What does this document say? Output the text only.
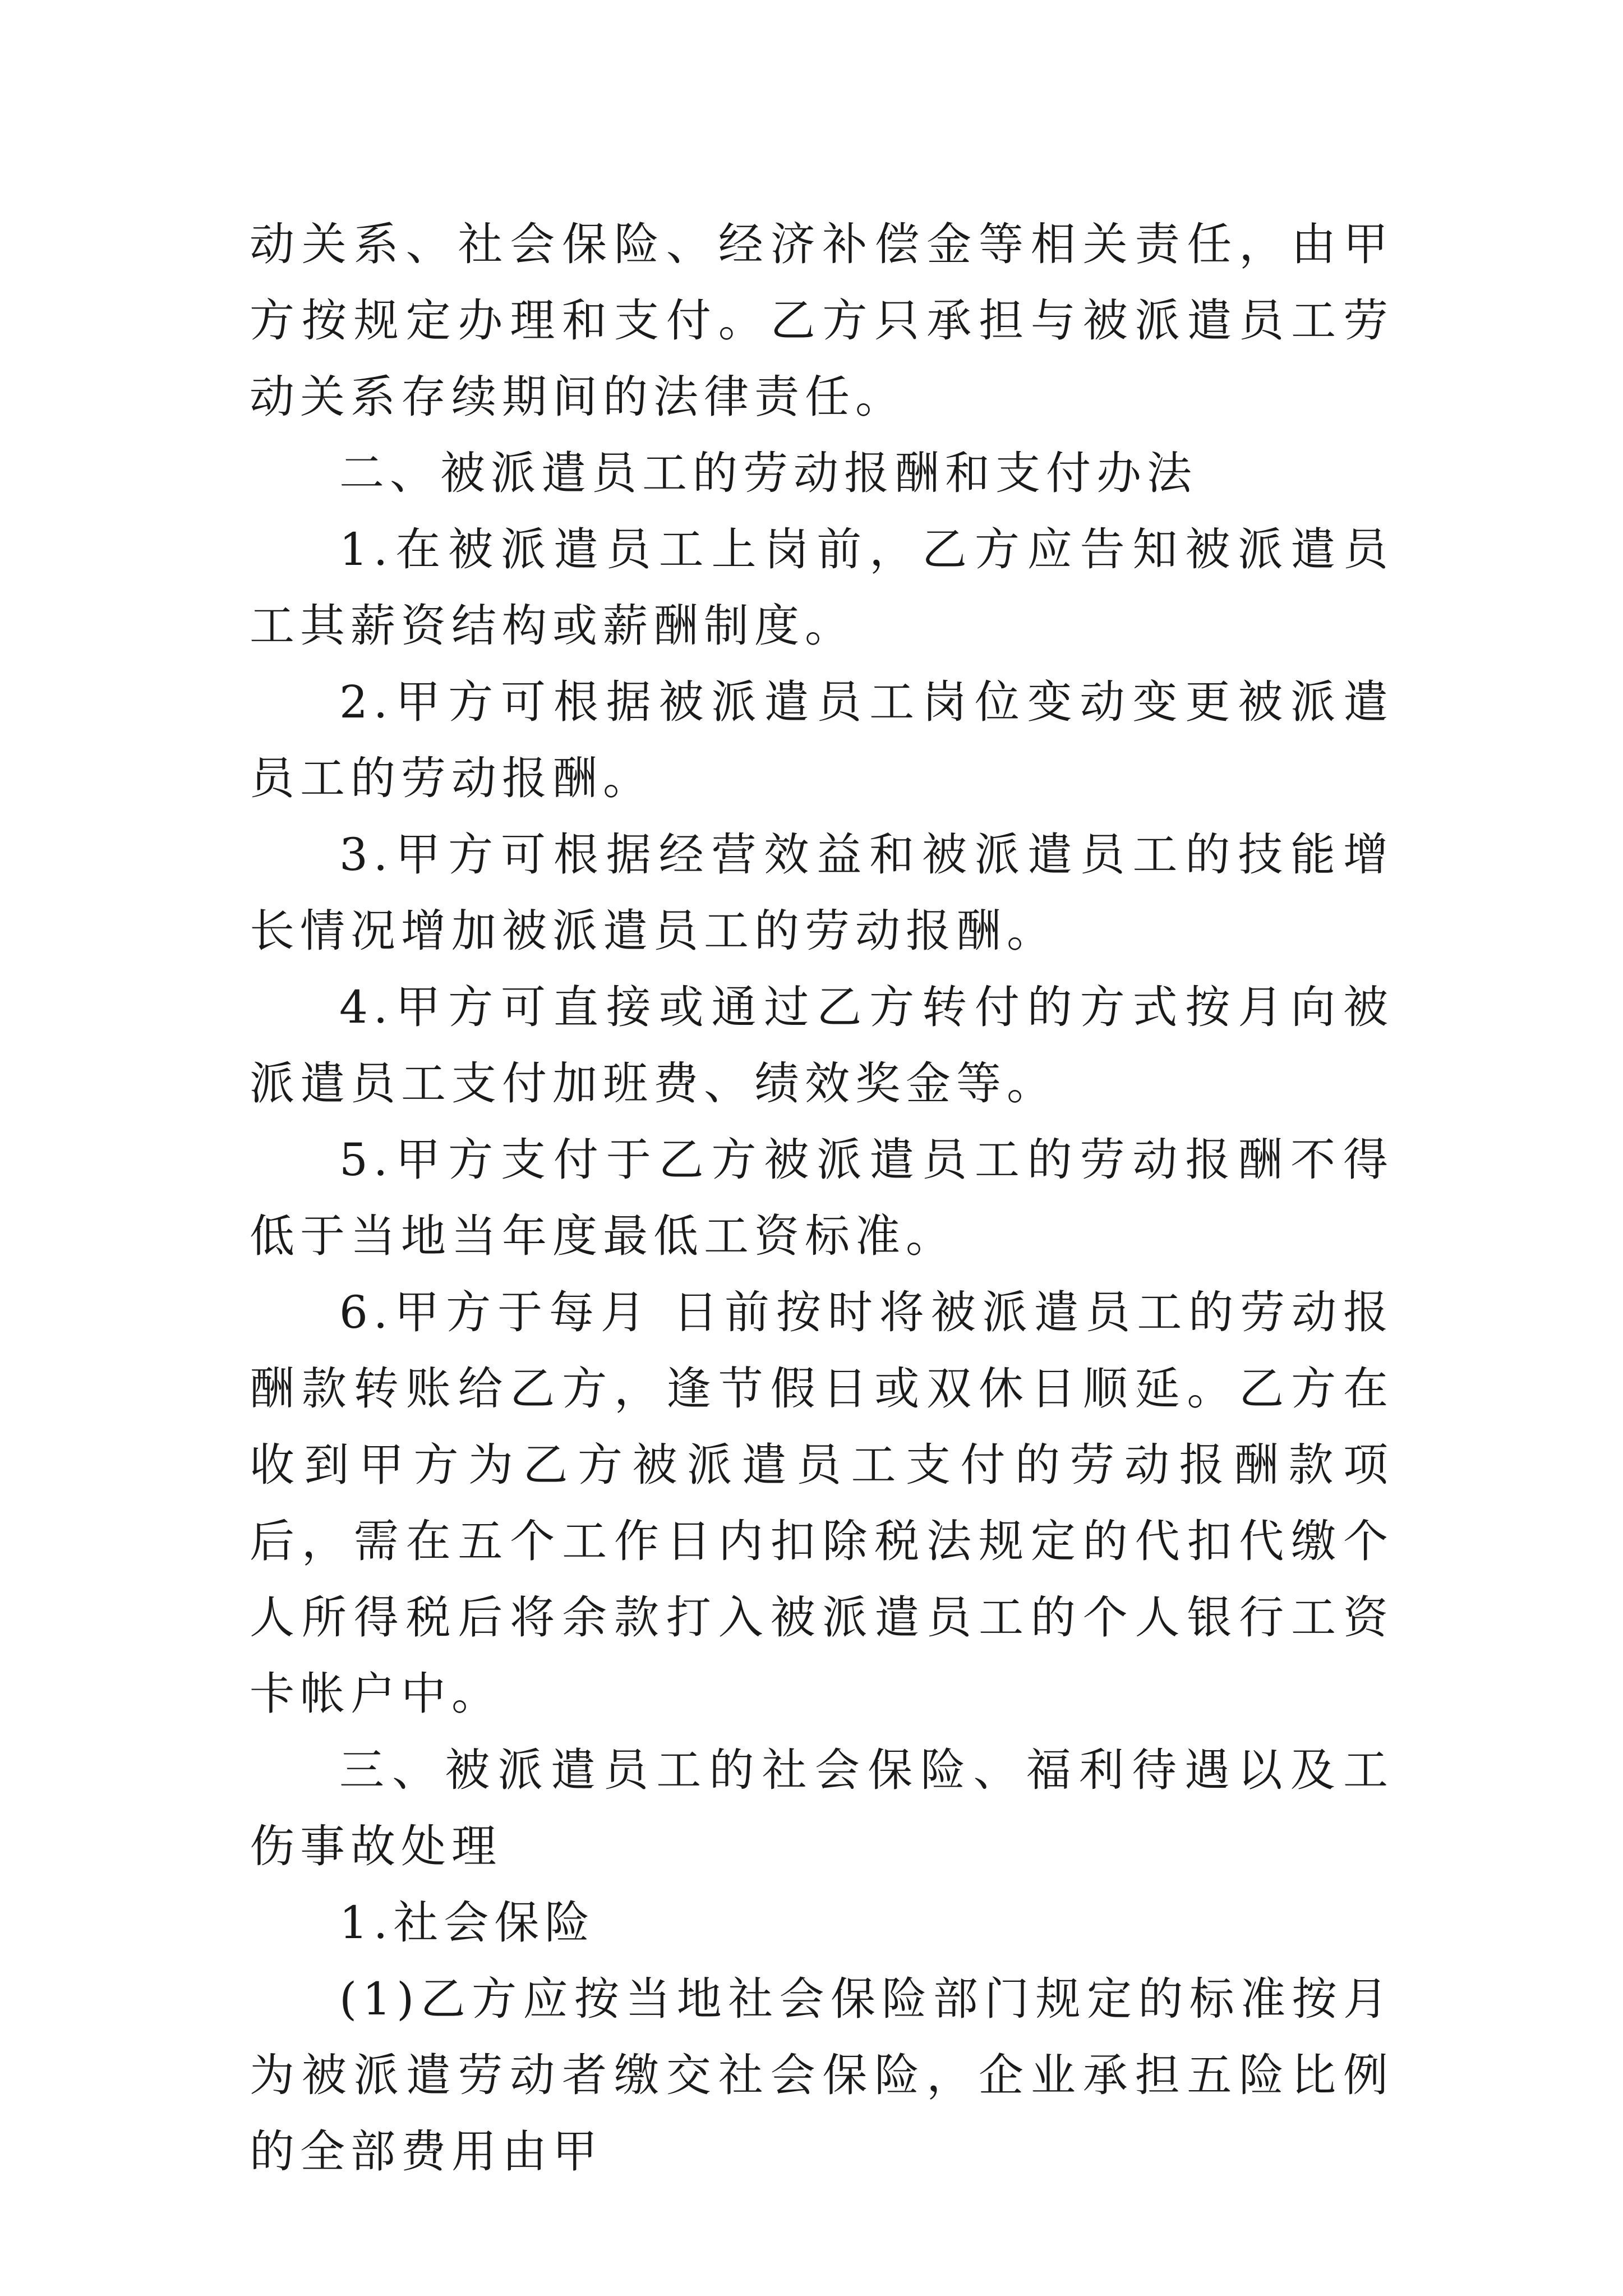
动关系、社会保险、经济补偿金等相关责任，由甲方按规定办理和支付。乙方只承担与被派遣员工劳动关系存续期间的法律责任。

二、被派遣员工的劳动报酬和支付办法

1.在被派遣员工上岗前，乙方应告知被派遣员工其薪资结构或薪酬制度。

2.甲方可根据被派遣员工岗位变动变更被派遣员工的劳动报酬。

3.甲方可根据经营效益和被派遣员工的技能增长情况增加被派遣员工的劳动报酬。

4.甲方可直接或通过乙方转付的方式按月向被派遣员工支付加班费、绩效奖金等。

5.甲方支付于乙方被派遣员工的劳动报酬不得低于当地当年度最低工资标准。

6.甲方于每月 日前按时将被派遣员工的劳动报酬款转账给乙方，逢节假日或双休日顺延。乙方在收到甲方为乙方被派遣员工支付的劳动报酬款项后，需在五个工作日内扣除税法规定的代扣代缴个人所得税后将余款打入被派遣员工的个人银行工资卡帐户中。

三、被派遣员工的社会保险、福利待遇以及工伤事故处理

1.社会保险

(1)乙方应按当地社会保险部门规定的标准按月为被派遣劳动者缴交社会保险，企业承担五险比例的全部费用由甲
